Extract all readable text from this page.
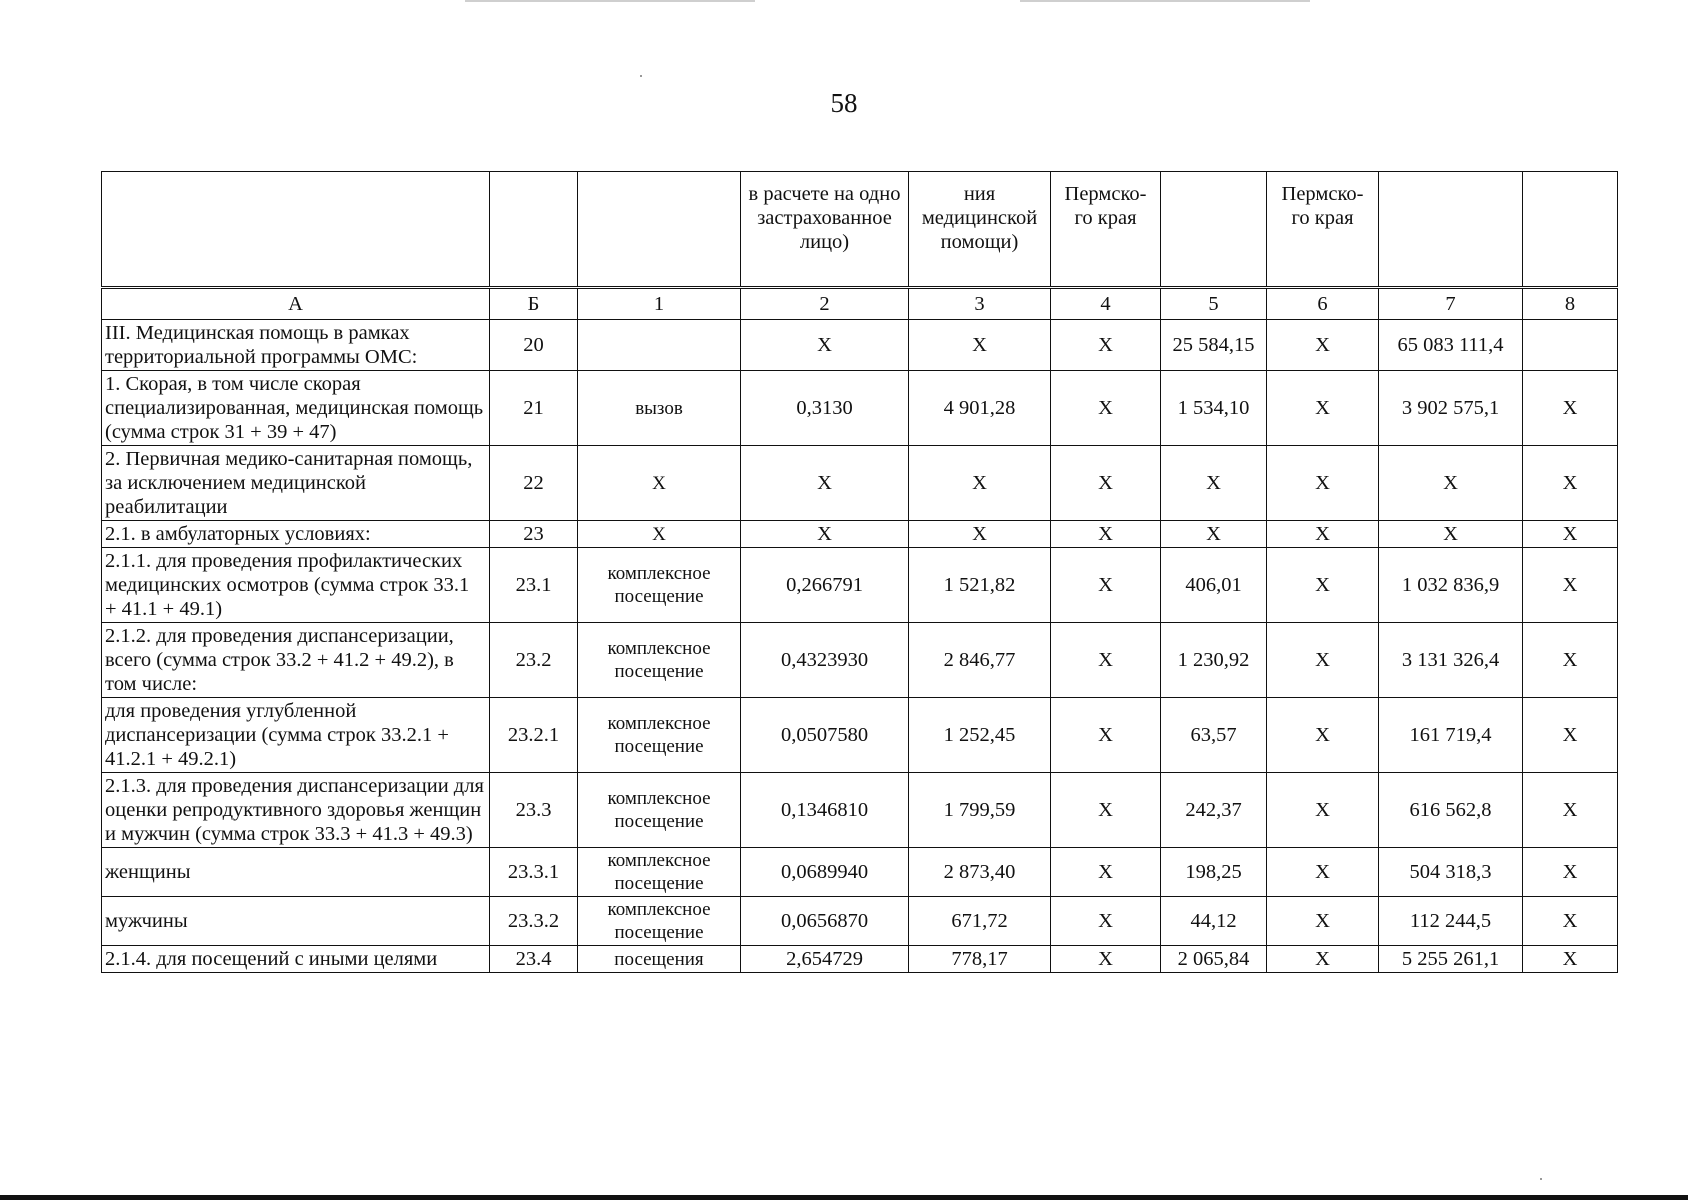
58
			в расчете на одно застрахованное лицо)	ния медицинской помощи)	Пермско- го края		Пермско- го края		
А	Б	1	2	3	4	5	6	7	8
III. Медицинская помощь в рамках территориальной программы ОМС:	20		X	X	X	25 584,15	X	65 083 111,4	
1. Скорая, в том числе скорая специализированная, медицинская помощь (сумма строк 31 + 39 + 47)	21	вызов	0,3130	4 901,28	X	1 534,10	X	3 902 575,1	X
2. Первичная медико-санитарная помощь, за исключением медицинской реабилитации	22	X	X	X	X	X	X	X	X
2.1. в амбулаторных условиях:	23	X	X	X	X	X	X	X	X
2.1.1. для проведения профилактических медицинских осмотров (сумма строк 33.1 + 41.1 + 49.1)	23.1	комплексное посещение	0,266791	1 521,82	X	406,01	X	1 032 836,9	X
2.1.2. для проведения диспансеризации, всего (сумма строк 33.2 + 41.2 + 49.2), в том числе:	23.2	комплексное посещение	0,4323930	2 846,77	X	1 230,92	X	3 131 326,4	X
для проведения углубленной диспансеризации (сумма строк 33.2.1 + 41.2.1 + 49.2.1)	23.2.1	комплексное посещение	0,0507580	1 252,45	X	63,57	X	161 719,4	X
2.1.3. для проведения диспансеризации для оценки репродуктивного здоровья женщин и мужчин (сумма строк 33.3 + 41.3 + 49.3)	23.3	комплексное посещение	0,1346810	1 799,59	X	242,37	X	616 562,8	X
женщины	23.3.1	комплексное посещение	0,0689940	2 873,40	X	198,25	X	504 318,3	X
мужчины	23.3.2	комплексное посещение	0,0656870	671,72	X	44,12	X	112 244,5	X
2.1.4. для посещений с иными целями	23.4	посещения	2,654729	778,17	X	2 065,84	X	5 255 261,1	X
